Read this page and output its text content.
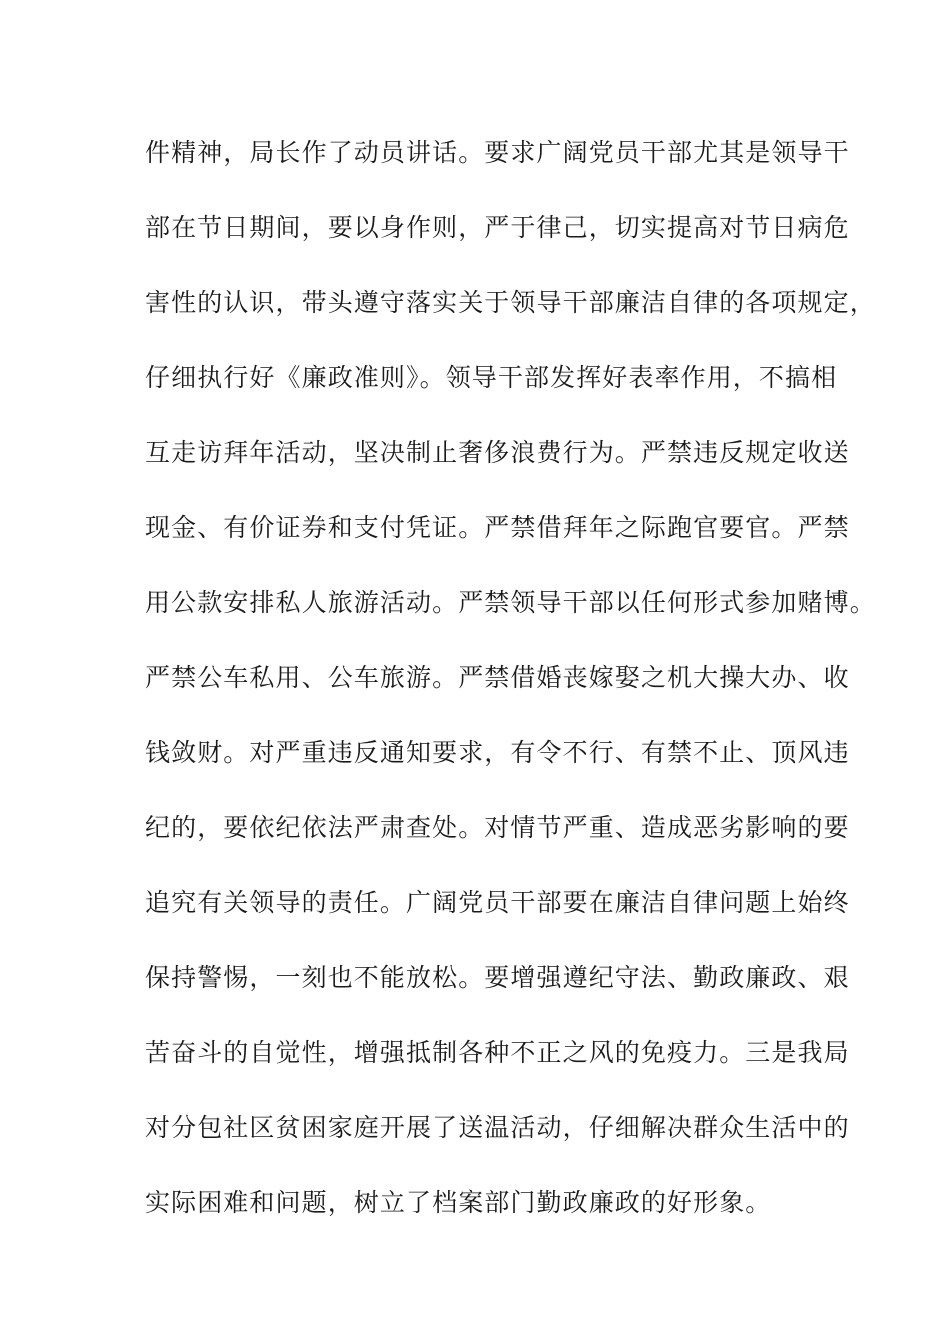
件精神，局长作了动员讲话。要求广阔党员干部尤其是领导干
部在节日期间，要以身作则，严于律己，切实提高对节日病危
害性的认识，带头遵守落实关于领导干部廉洁自律的各项规定，
仔细执行好《廉政准则》。领导干部发挥好表率作用，不搞相
互走访拜年活动，坚决制止奢侈浪费行为。严禁违反规定收送
现金、有价证券和支付凭证。严禁借拜年之际跑官要官。严禁
用公款安排私人旅游活动。严禁领导干部以任何形式参加赌博。
严禁公车私用、公车旅游。严禁借婚丧嫁娶之机大操大办、收
钱敛财。对严重违反通知要求，有令不行、有禁不止、顶风违
纪的，要依纪依法严肃查处。对情节严重、造成恶劣影响的要
追究有关领导的责任。广阔党员干部要在廉洁自律问题上始终
保持警惕，一刻也不能放松。要增强遵纪守法、勤政廉政、艰
苦奋斗的自觉性，增强抵制各种不正之风的免疫力。三是我局
对分包社区贫困家庭开展了送温活动，仔细解决群众生活中的
实际困难和问题，树立了档案部门勤政廉政的好形象。
